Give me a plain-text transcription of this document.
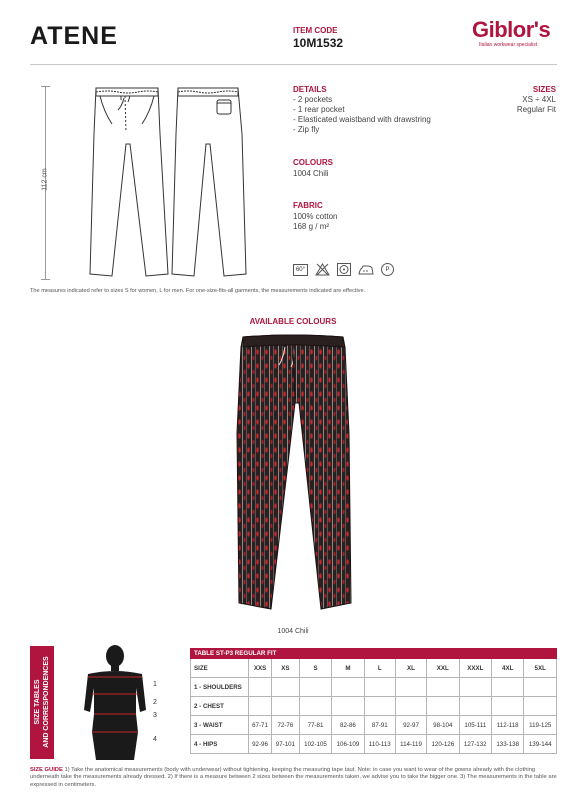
ATENE	ITEM CODE
10M1532
Giblor's
Italian workwear specialist
112 cm
DETAILS
- 2 pockets
- 1 rear pocket
- Elasticated waistband with drawstring
- Zip fly
SIZES
XS ÷ 4XL
Regular Fit
COLOURS
1004 Chili
FABRIC
100% cotton
168 g / m²
60°	P
The measures indicated refer to sizes S for women, L for men. For one-size-fits-all garments, the measurements indicated are effective.
AVAILABLE COLOURS
1004 Chili
SIZE TABLES AND CORRESPONDENCES	1
2
3
4
TABLE ST-P3 REGULAR FIT										
SIZE	XXS	XS	S	M	L	XL	XXL	XXXL	4XL	5XL
1 - SHOULDERS										
2 - CHEST										
3 - WAIST	67-71	72-76	77-81	82-86	87-91	92-97	98-104	105-111	112-118	119-125
4 - HIPS	92-96	97-101	102-105	106-109	110-113	114-119	120-126	127-132	133-138	139-144
SIZE GUIDE 1) Take the anatomical measurements (body with underwear) without tightening, keeping the measuring tape taut. Note: in case you want to wear of the gowns already with the clothing underneath take the measurements already dressed. 2) If there is a measure between 2 sizes between the measurements taken, we advise you to take the bigger one. 3) The measurements in the table are expressed in centimeters.
